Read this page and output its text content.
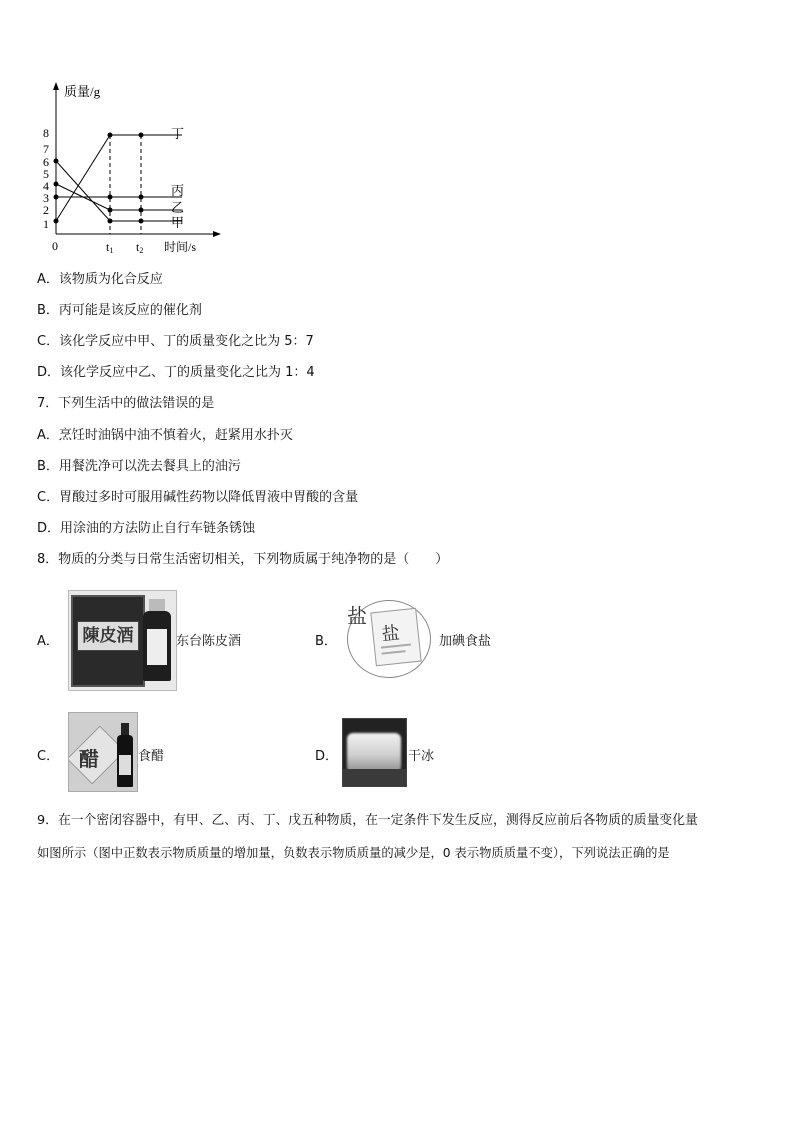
质量/g
8
7
6
5
4
3
2
1
0	t1 t2 时间/s
丁
丙
乙
甲
A．该物质为化合反应
B．丙可能是该反应的催化剂
C．该化学反应中甲、丁的质量变化之比为 5：7
D．该化学反应中乙、丁的质量变化之比为 1：4
7．下列生活中的做法错误的是
A．烹饪时油锅中油不慎着火，赶紧用水扑灭
B．用餐洗净可以洗去餐具上的油污
C．胃酸过多时可服用碱性药物以降低胃液中胃酸的含量
D．用涂油的方法防止自行车链条锈蚀
8．物质的分类与日常生活密切相关，下列物质属于纯净物的是（　　）
A．	陳皮酒	东台陈皮酒	B．
盐
盐	加碘食盐
C． 醋	食醋	D．	干冰
9．在一个密闭容器中，有甲、乙、丙、丁、戊五种物质，在一定条件下发生反应，测得反应前后各物质的质量变化量
如图所示（图中正数表示物质质量的增加量，负数表示物质质量的减少是，0 表示物质质量不变），下列说法正确的是
